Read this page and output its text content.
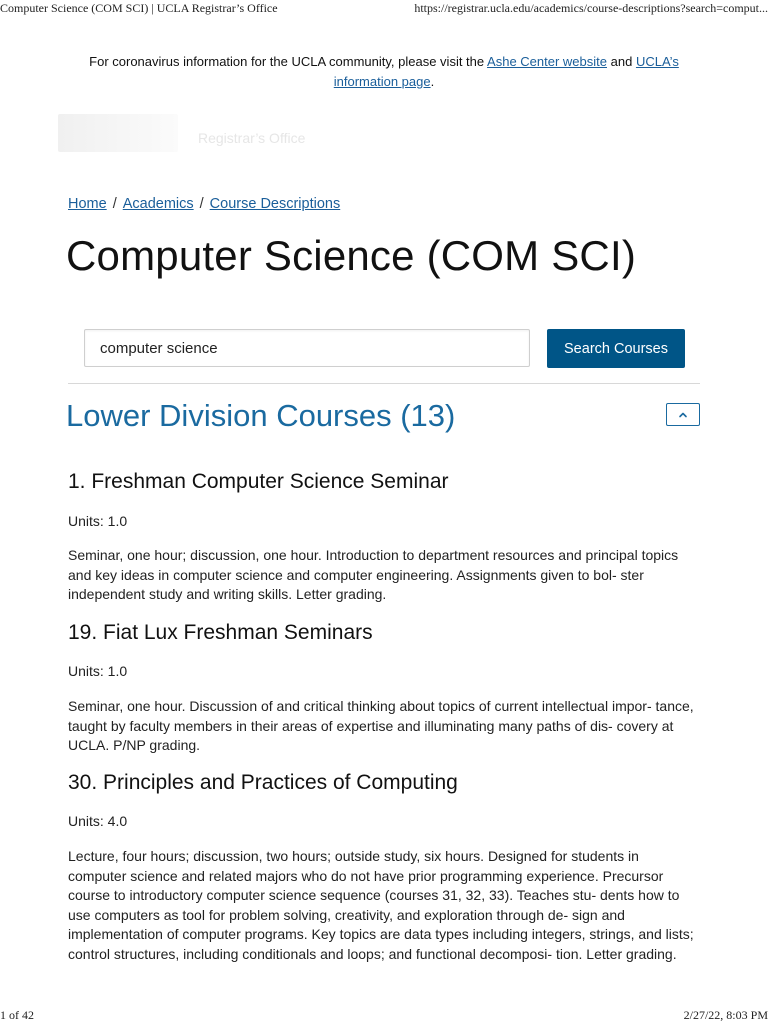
Computer Science (COM SCI) | UCLA Registrar’s Office	https://registrar.ucla.edu/academics/course-descriptions?search=comput...
For coronavirus information for the UCLA community, please visit the Ashe Center website and UCLA’s information page.
Registrar’s Office
Home / Academics / Course Descriptions
Computer Science (COM SCI)
computer science
Search Courses
Lower Division Courses (13)
1. Freshman Computer Science Seminar
Units: 1.0

Seminar, one hour; discussion, one hour. Introduction to department resources and principal topics and key ideas in computer science and computer engineering. Assignments given to bol- ster independent study and writing skills. Letter grading.

19. Fiat Lux Freshman Seminars
Units: 1.0

Seminar, one hour. Discussion of and critical thinking about topics of current intellectual impor- tance, taught by faculty members in their areas of expertise and illuminating many paths of dis- covery at UCLA. P/NP grading.

30. Principles and Practices of Computing
Units: 4.0

Lecture, four hours; discussion, two hours; outside study, six hours. Designed for students in computer science and related majors who do not have prior programming experience. Precursor course to introductory computer science sequence (courses 31, 32, 33). Teaches stu- dents how to use computers as tool for problem solving, creativity, and exploration through de- sign and implementation of computer programs. Key topics are data types including integers, strings, and lists; control structures, including conditionals and loops; and functional decomposi- tion. Letter grading.

1 of 42	2/27/22, 8:03 PM
